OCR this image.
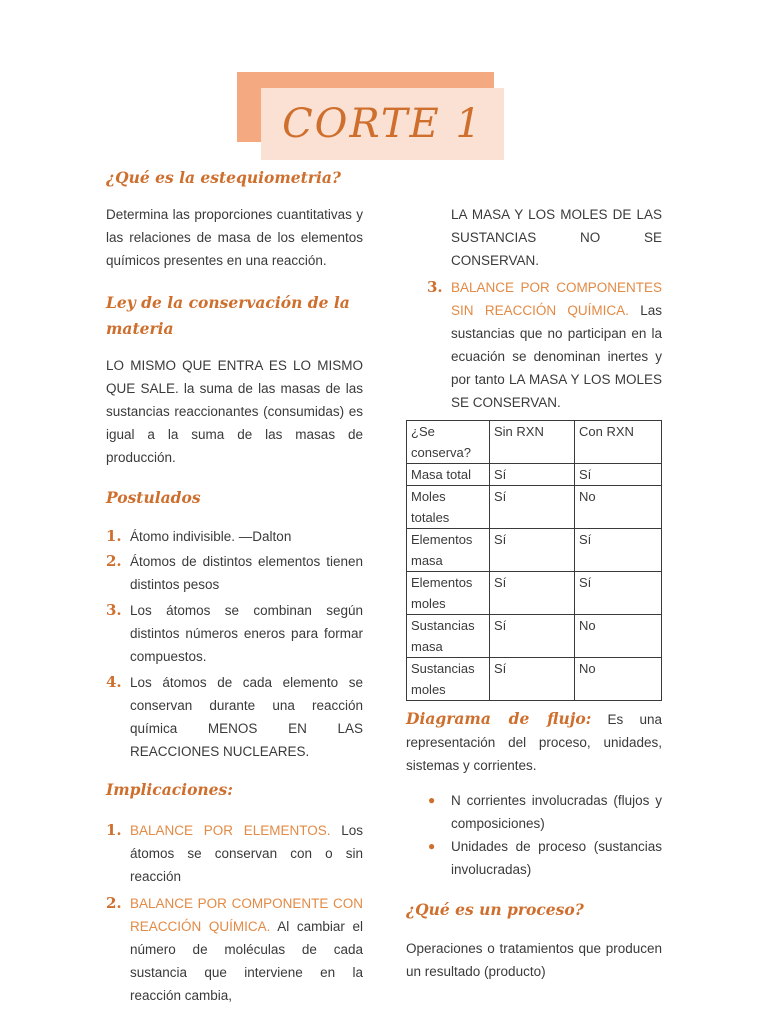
CORTE 1
¿Qué es la estequiometria?

Determina las proporciones cuantitativas y las relaciones de masa de los elementos químicos presentes en una reacción.

Ley de la conservación de la materia

LO MISMO QUE ENTRA ES LO MISMO QUE SALE. la suma de las masas de las sustancias reaccionantes (consumidas) es igual a la suma de las masas de producción.

Postulados
1. Átomo indivisible. —Dalton
2. Átomos de distintos elementos tienen distintos pesos
3. Los átomos se combinan según distintos números eneros para formar compuestos.
4. Los átomos de cada elemento se conservan durante una reacción química MENOS EN LAS REACCIONES NUCLEARES.
Implicaciones:
1. BALANCE POR ELEMENTOS. Los átomos se conservan con o sin reacción
2. BALANCE POR COMPONENTE CON REACCIÓN QUÍMICA. Al cambiar el número de moléculas de cada sustancia que interviene en la reacción cambia,

LA MASA Y LOS MOLES DE LAS SUSTANCIAS NO SE CONSERVAN.

3. BALANCE POR COMPONENTES SIN REACCIÓN QUÍMICA. Las sustancias que no participan en la ecuación se denominan inertes y por tanto LA MASA Y LOS MOLES SE CONSERVAN.
¿Se conserva?	Sin RXN	Con RXN
Masa total	Sí	Sí
Moles totales	Sí	No
Elementos masa	Sí	Sí
Elementos moles	Sí	Sí
Sustancias masa	Sí	No
Sustancias moles	Sí	No

Diagrama de flujo: Es una representación del proceso, unidades, sistemas y corrientes.

●	N corrientes involucradas (flujos y composiciones)
●	Unidades de proceso (sustancias involucradas)
¿Qué es un proceso?

Operaciones o tratamientos que producen un resultado (producto)
